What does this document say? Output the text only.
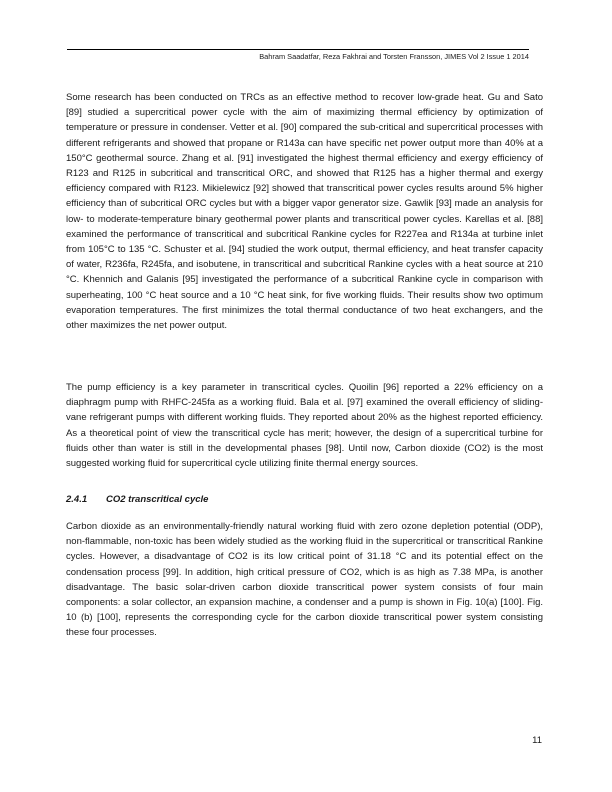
Bahram Saadatfar, Reza Fakhrai and Torsten Fransson, JIMES Vol 2 Issue 1 2014

Some research has been conducted on TRCs as an effective method to recover low-grade heat. Gu and Sato [89] studied a supercritical power cycle with the aim of maximizing thermal efficiency by optimization of temperature or pressure in condenser. Vetter et al. [90] compared the sub-critical and supercritical processes with different refrigerants and showed that propane or R143a can have specific net power output more than 40% at a 150°C geothermal source. Zhang et al. [91] investigated the highest thermal efficiency and exergy efficiency of R123 and R125 in subcritical and transcritical ORC, and showed that R125 has a higher thermal and exergy efficiency compared with R123. Mikielewicz [92] showed that transcritical power cycles results around 5% higher efficiency than of subcritical ORC cycles but with a bigger vapor generator size. Gawlik [93] made an analysis for low- to moderate-temperature binary geothermal power plants and transcritical power cycles. Karellas et al. [88] examined the performance of transcritical and subcritical Rankine cycles for R227ea and R134a at turbine inlet from 105°C to 135 °C. Schuster et al. [94] studied the work output, thermal efficiency, and heat transfer capacity of water, R236fa, R245fa, and isobutene, in transcritical and subcritical Rankine cycles with a heat source at 210 °C. Khennich and Galanis [95] investigated the performance of a subcritical Rankine cycle in comparison with superheating, 100 °C heat source and a 10 °C heat sink, for five working fluids. Their results show two optimum evaporation temperatures. The first minimizes the total thermal conductance of two heat exchangers, and the other maximizes the net power output.

The pump efficiency is a key parameter in transcritical cycles. Quoilin [96] reported a 22% efficiency on a diaphragm pump with RHFC-245fa as a working fluid. Bala et al. [97] examined the overall efficiency of sliding-vane refrigerant pumps with different working fluids. They reported about 20% as the highest reported efficiency. As a theoretical point of view the transcritical cycle has merit; however, the design of a supercritical turbine for fluids other than water is still in the developmental phases [98]. Until now, Carbon dioxide (CO2) is the most suggested working fluid for supercritical cycle utilizing finite thermal energy sources.

2.4.1 CO2 transcritical cycle

Carbon dioxide as an environmentally-friendly natural working fluid with zero ozone depletion potential (ODP), non-flammable, non-toxic has been widely studied as the working fluid in the supercritical or transcritical Rankine cycles. However, a disadvantage of CO2 is its low critical point of 31.18 °C and its potential effect on the condensation process [99]. In addition, high critical pressure of CO2, which is as high as 7.38 MPa, is another disadvantage. The basic solar-driven carbon dioxide transcritical power system consists of four main components: a solar collector, an expansion machine, a condenser and a pump is shown in Fig. 10(a) [100]. Fig. 10 (b) [100], represents the corresponding cycle for the carbon dioxide transcritical power system consisting these four processes.

11
